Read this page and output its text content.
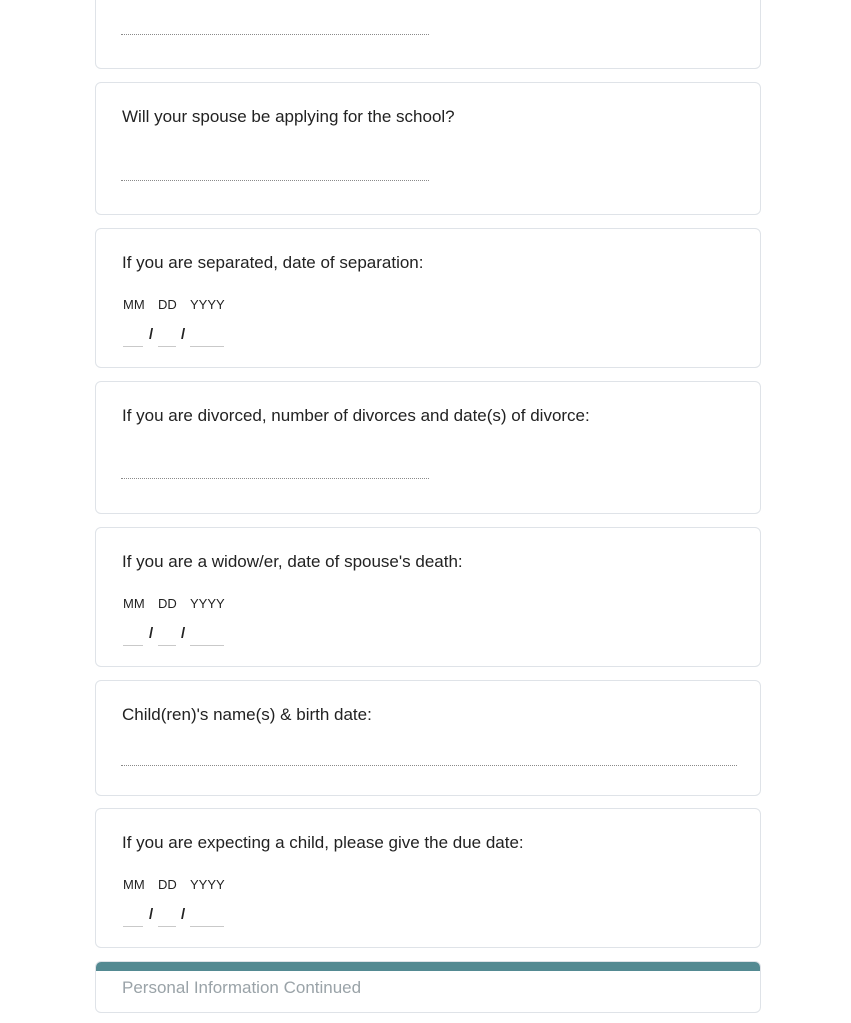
Will your spouse be applying for the school?
If you are separated, date of separation:
MM DD YYYY
/ /
If you are divorced, number of divorces and date(s) of divorce:
If you are a widow/er, date of spouse's death:
MM DD YYYY
/ /
Child(ren)'s name(s) & birth date:
If you are expecting a child, please give the due date:
MM DD YYYY
/ /
Personal Information Continued
